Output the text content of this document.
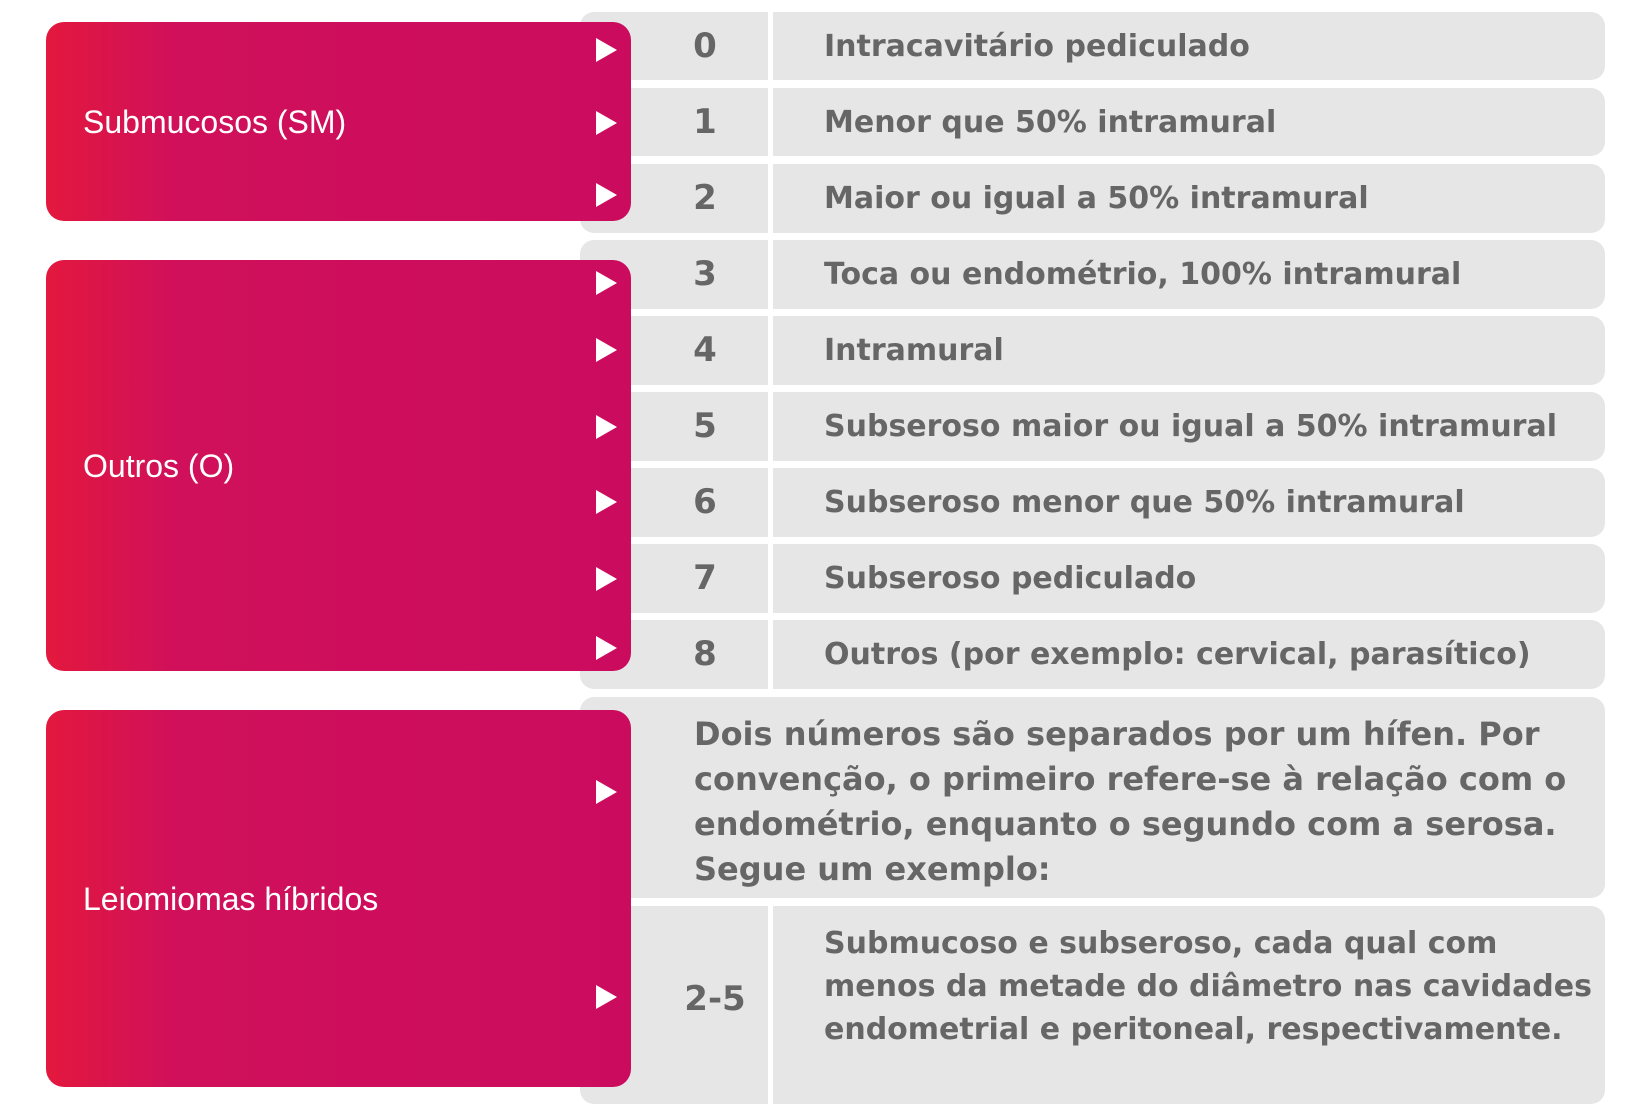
0
1
2
3
4
5
6
7
8
2-5
Intracavitário pediculado
Menor que 50% intramural
Maior ou igual a 50% intramural
Toca ou endométrio, 100% intramural
Intramural
Subseroso maior ou igual a 50% intramural
Subseroso menor que 50% intramural
Subseroso pediculado
Outros (por exemplo: cervical, parasítico)

Dois números são separados por um hífen. Por convenção, o primeiro refere-se à relação com o endométrio, enquanto o segundo com a serosa. Segue um exemplo:

Submucoso e subseroso, cada qual com menos da metade do diâmetro nas cavidades endometrial e peritoneal, respectivamente.

Submucosos (SM)
Outros (O)
Leiomiomas híbridos
